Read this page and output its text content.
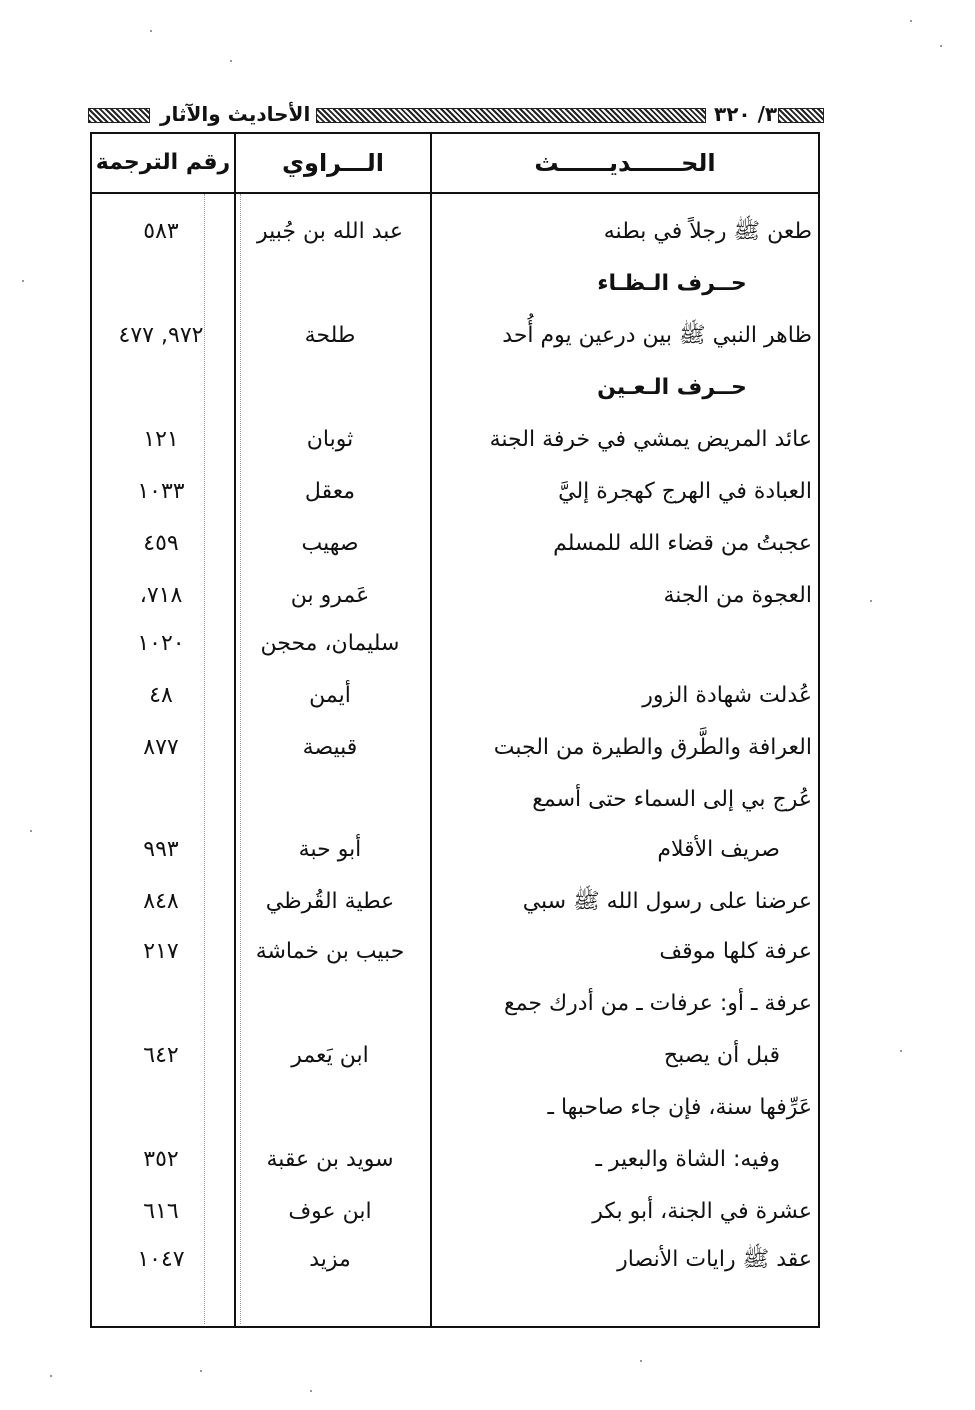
الأحاديث والآثار	٣/ ٣٢٠
الحــــــديــــــث
الـــراوي
رقم الترجمة
طعن ﷺ رجلاً في بطنه
عبد الله بن جُبير
٥٨٣
حــرف الـظـاء
ظاهر النبي ﷺ بين درعين يوم أُحد
طلحة
٩٧٢, ٤٧٧
حــرف الـعـين
عائد المريض يمشي في خرفة الجنة
ثوبان
١٢١
العبادة في الهرج كهجرة إليَّ
معقل
١٠٣٣
عجبتُ من قضاء الله للمسلم
صهيب
٤٥٩
العجوة من الجنة
عَمرو بن
٧١٨،
سليمان، محجن
١٠٢٠
عُدلت شهادة الزور
أيمن
٤٨
العرافة والطَّرق والطيرة من الجبت
قبيصة
٨٧٧
عُرج بي إلى السماء حتى أسمع
صريف الأقلام
أبو حبة
٩٩٣
عرضنا على رسول الله ﷺ سبي
عطية القُرظي
٨٤٨
عرفة كلها موقف
حبيب بن خماشة
٢١٧
عرفة ـ أو: عرفات ـ من أدرك جمع
قبل أن يصبح
ابن يَعمر
٦٤٢
عَرِّفها سنة، فإن جاء صاحبها ـ
وفيه: الشاة والبعير ـ
سويد بن عقبة
٣٥٢
عشرة في الجنة، أبو بكر
ابن عوف
٦١٦
عقد ﷺ رايات الأنصار
مزيد
١٠٤٧
